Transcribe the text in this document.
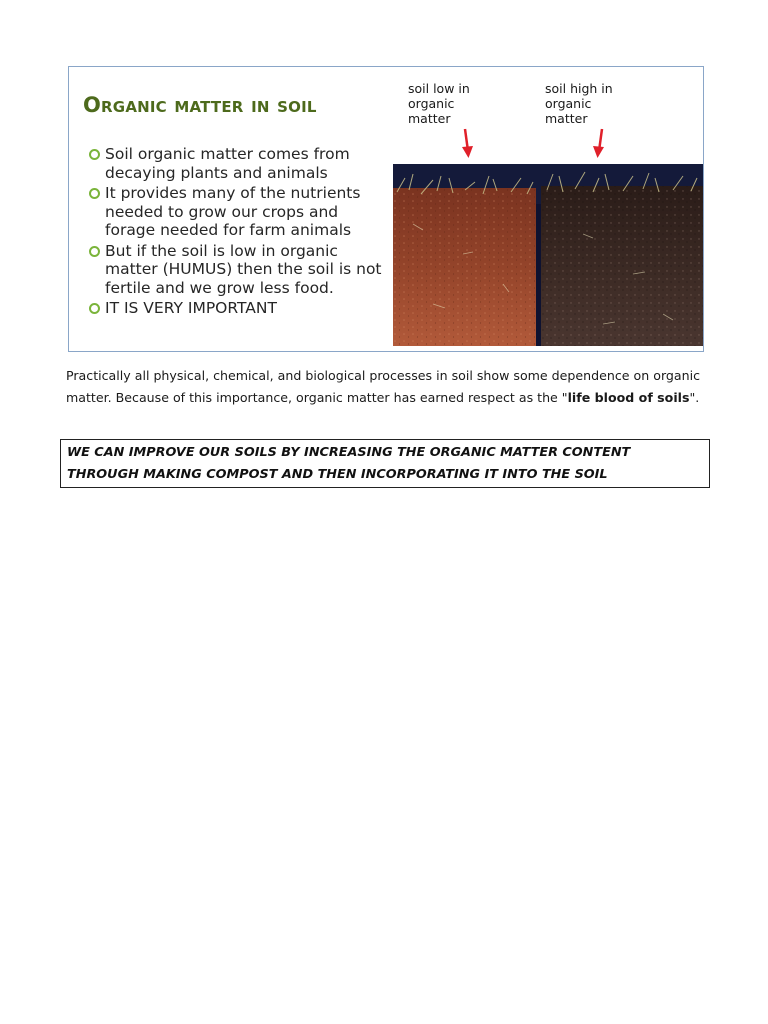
Organic matter in soil
Soil organic matter comes from decaying plants and animals
It provides many of the nutrients needed to grow our crops and forage needed for farm animals
But if the soil is low in organic matter (HUMUS) then the soil is not fertile and we grow less food.
IT IS VERY IMPORTANT
soil low in organic matter
soil high in organic matter

Practically all physical, chemical, and biological processes in soil show some dependence on organic matter. Because of this importance, organic matter has earned respect as the "life blood of soils".

WE CAN IMPROVE OUR SOILS BY INCREASING THE ORGANIC MATTER CONTENT THROUGH MAKING COMPOST AND THEN INCORPORATING IT INTO THE SOIL
